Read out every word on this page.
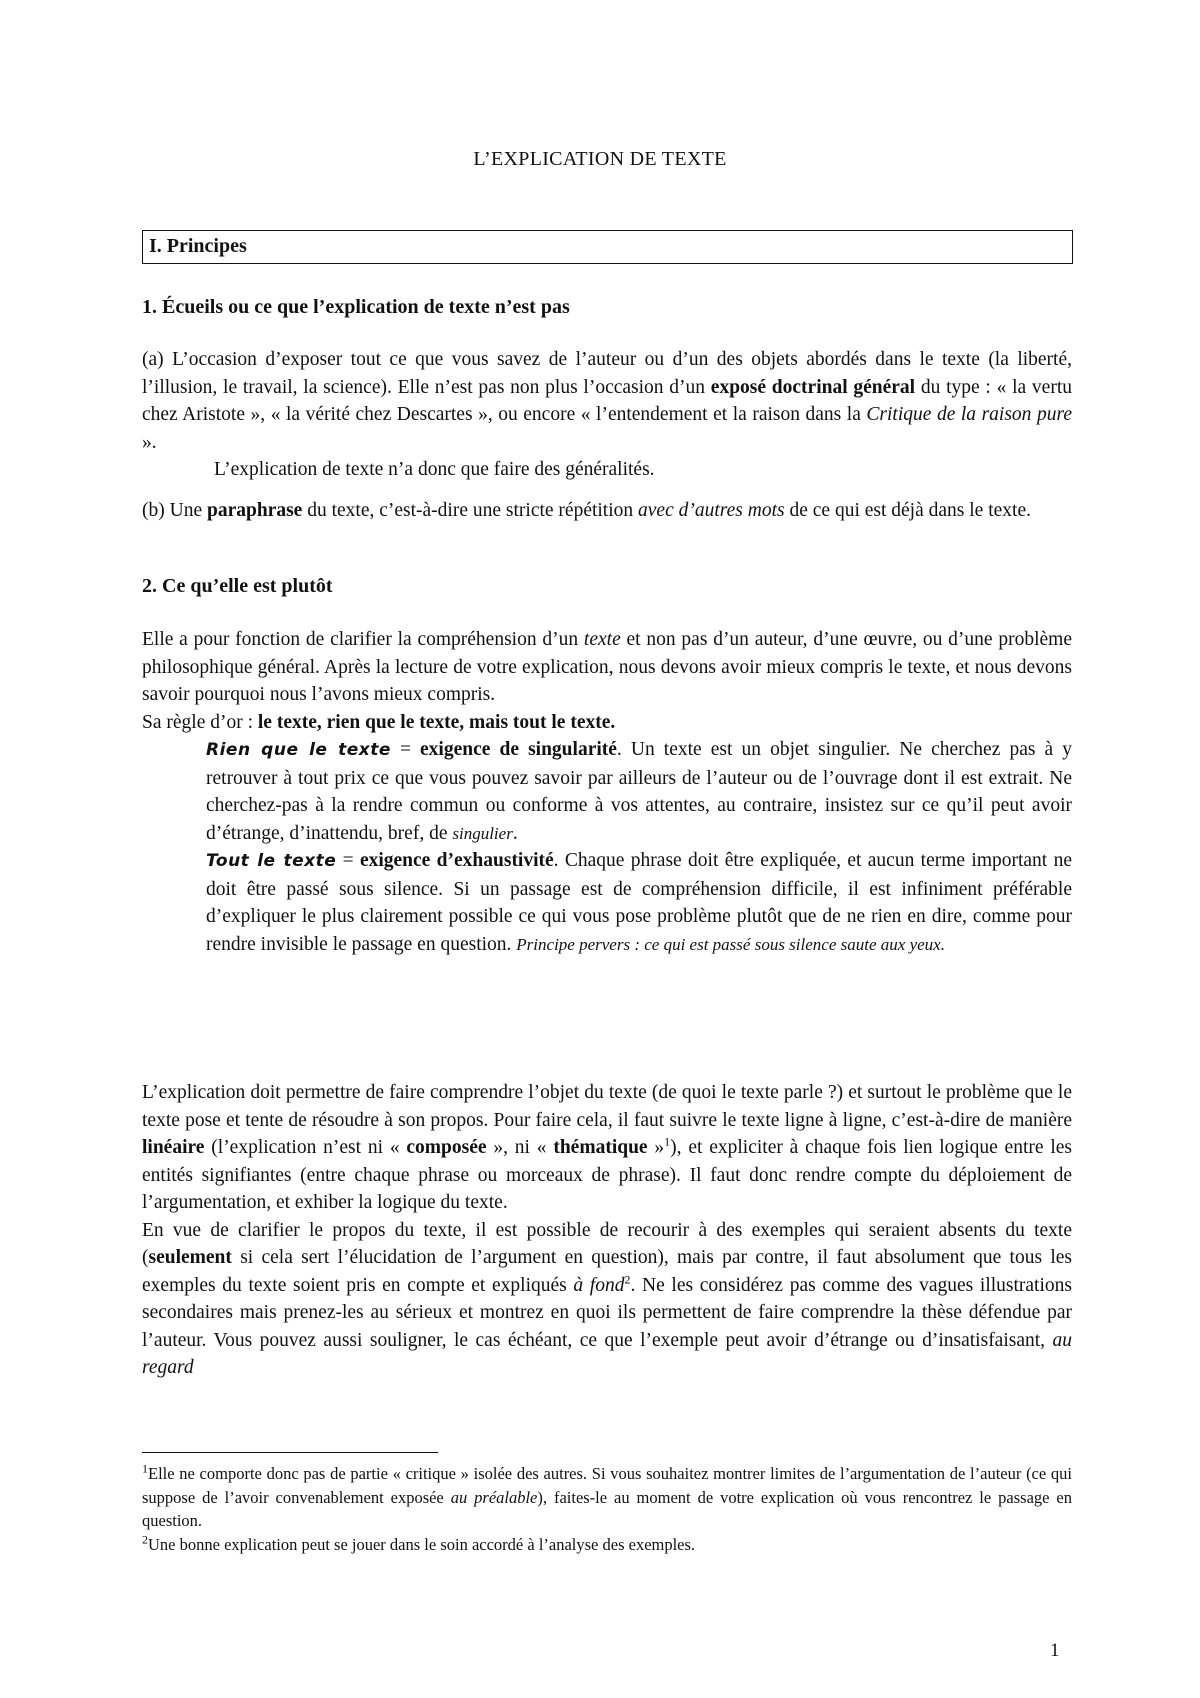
L’EXPLICATION DE TEXTE
I. Principes

1. Écueils ou ce que l’explication de texte n’est pas

(a) L’occasion d’exposer tout ce que vous savez de l’auteur ou d’un des objets abordés dans le texte (la liberté, l’illusion, le travail, la science). Elle n’est pas non plus l’occasion d’un exposé doctrinal général du type : « la vertu chez Aristote », « la vérité chez Descartes », ou encore « l’entendement et la raison dans la Critique de la raison pure ».

L’explication de texte n’a donc que faire des généralités.

(b) Une paraphrase du texte, c’est-à-dire une stricte répétition avec d’autres mots de ce qui est déjà dans le texte.

2. Ce qu’elle est plutôt

Elle a pour fonction de clarifier la compréhension d’un texte et non pas d’un auteur, d’une œuvre, ou d’une problème philosophique général. Après la lecture de votre explication, nous devons avoir mieux compris le texte, et nous devons savoir pourquoi nous l’avons mieux compris.

Sa règle d’or : le texte, rien que le texte, mais tout le texte.

Rien que le texte = exigence de singularité. Un texte est un objet singulier. Ne cherchez pas à y retrouver à tout prix ce que vous pouvez savoir par ailleurs de l’auteur ou de l’ouvrage dont il est extrait. Ne cherchez-pas à la rendre commun ou conforme à vos attentes, au contraire, insistez sur ce qu’il peut avoir d’étrange, d’inattendu, bref, de singulier.

Tout le texte = exigence d’exhaustivité. Chaque phrase doit être expliquée, et aucun terme important ne doit être passé sous silence. Si un passage est de compréhension difficile, il est infiniment préférable d’expliquer le plus clairement possible ce qui vous pose problème plutôt que de ne rien en dire, comme pour rendre invisible le passage en question. Principe pervers : ce qui est passé sous silence saute aux yeux.

L’explication doit permettre de faire comprendre l’objet du texte (de quoi le texte parle ?) et surtout le problème que le texte pose et tente de résoudre à son propos. Pour faire cela, il faut suivre le texte ligne à ligne, c’est-à-dire de manière linéaire (l’explication n’est ni « composée », ni « thématique »$^1$), et expliciter à chaque fois lien logique entre les entités signifiantes (entre chaque phrase ou morceaux de phrase). Il faut donc rendre compte du déploiement de l’argumentation, et exhiber la logique du texte.

En vue de clarifier le propos du texte, il est possible de recourir à des exemples qui seraient absents du texte (seulement si cela sert l’élucidation de l’argument en question), mais par contre, il faut absolument que tous les exemples du texte soient pris en compte et expliqués à fond$^2$. Ne les considérez pas comme des vagues illustrations secondaires mais prenez-les au sérieux et montrez en quoi ils permettent de faire comprendre la thèse défendue par l’auteur. Vous pouvez aussi souligner, le cas échéant, ce que l’exemple peut avoir d’étrange ou d’insatisfaisant, au regard

$^1$Elle ne comporte donc pas de partie « critique » isolée des autres. Si vous souhaitez montrer limites de l’argumentation de l’auteur (ce qui suppose de l’avoir convenablement exposée au préalable), faites-le au moment de votre explication où vous rencontrez le passage en question.

$^2$Une bonne explication peut se jouer dans le soin accordé à l’analyse des exemples.

1
